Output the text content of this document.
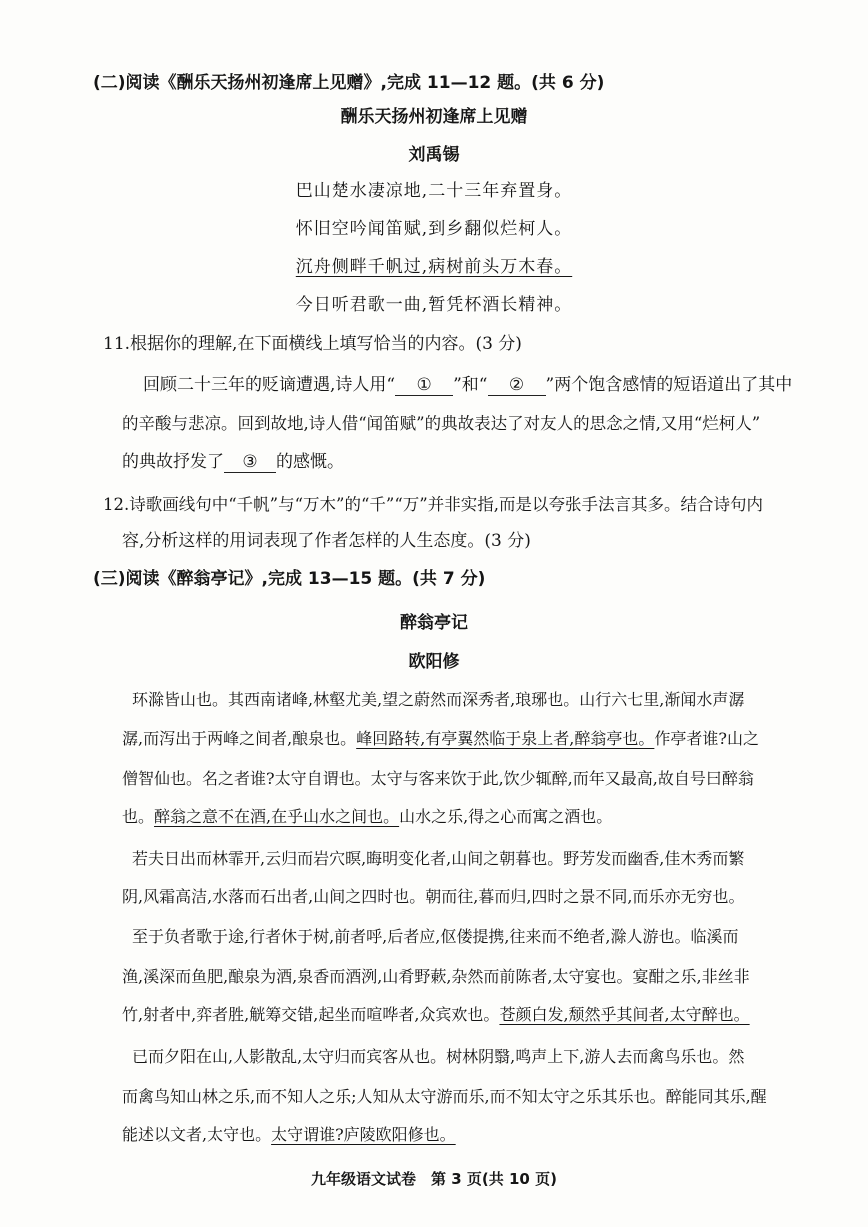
(二)阅读《酬乐天扬州初逢席上见赠》,完成 11—12 题。(共 6 分)
酬乐天扬州初逢席上见赠
刘禹锡
巴山楚水凄凉地,二十三年弃置身。
怀旧空吟闻笛赋,到乡翻似烂柯人。
沉舟侧畔千帆过,病树前头万木春。
今日听君歌一曲,暂凭杯酒长精神。
11.根据你的理解,在下面横线上填写恰当的内容。(3 分)
回顾二十三年的贬谪遭遇,诗人用“ ① ”和“ ② ”两个饱含感情的短语道出了其中
的辛酸与悲凉。回到故地,诗人借“闻笛赋”的典故表达了对友人的思念之情,又用“烂柯人”
的典故抒发了 ③ 的感慨。
12.诗歌画线句中“千帆”与“万木”的“千”“万”并非实指,而是以夸张手法言其多。结合诗句内
容,分析这样的用词表现了作者怎样的人生态度。(3 分)
(三)阅读《醉翁亭记》,完成 13—15 题。(共 7 分)
醉翁亭记
欧阳修
环滁皆山也。其西南诸峰,林壑尤美,望之蔚然而深秀者,琅琊也。山行六七里,渐闻水声潺
潺,而泻出于两峰之间者,酿泉也。峰回路转,有亭翼然临于泉上者,醉翁亭也。作亭者谁?山之
僧智仙也。名之者谁?太守自谓也。太守与客来饮于此,饮少辄醉,而年又最高,故自号曰醉翁
也。醉翁之意不在酒,在乎山水之间也。山水之乐,得之心而寓之酒也。
若夫日出而林霏开,云归而岩穴暝,晦明变化者,山间之朝暮也。野芳发而幽香,佳木秀而繁
阴,风霜高洁,水落而石出者,山间之四时也。朝而往,暮而归,四时之景不同,而乐亦无穷也。
至于负者歌于途,行者休于树,前者呼,后者应,伛偻提携,往来而不绝者,滁人游也。临溪而
渔,溪深而鱼肥,酿泉为酒,泉香而酒洌,山肴野蔌,杂然而前陈者,太守宴也。宴酣之乐,非丝非
竹,射者中,弈者胜,觥筹交错,起坐而喧哗者,众宾欢也。苍颜白发,颓然乎其间者,太守醉也。
已而夕阳在山,人影散乱,太守归而宾客从也。树林阴翳,鸣声上下,游人去而禽鸟乐也。然
而禽鸟知山林之乐,而不知人之乐;人知从太守游而乐,而不知太守之乐其乐也。醉能同其乐,醒
能述以文者,太守也。太守谓谁?庐陵欧阳修也。
九年级语文试卷　第 3 页(共 10 页)
